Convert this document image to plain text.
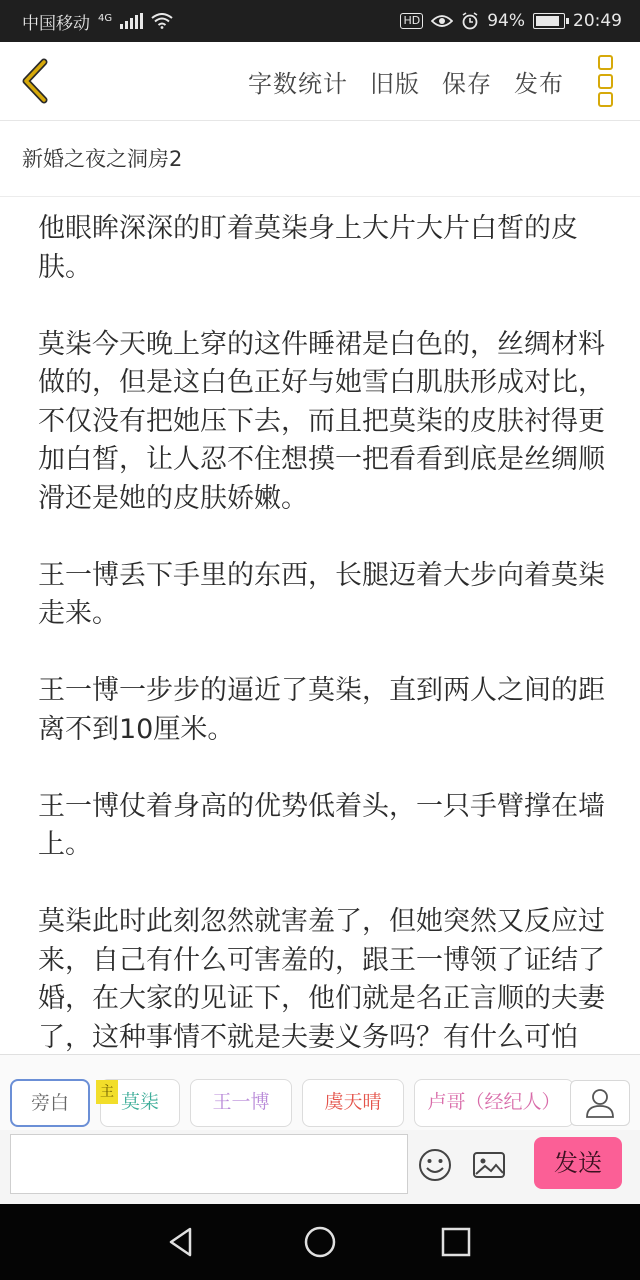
中国移动 4G	HD	94%	20:49
字数统计 旧版 保存 发布
新婚之夜之洞房2

他眼眸深深的盯着莫柒身上大片大片白皙的皮肤。

莫柒今天晚上穿的这件睡裙是白色的，丝绸材料做的，但是这白色正好与她雪白肌肤形成对比，不仅没有把她压下去，而且把莫柒的皮肤衬得更加白皙，让人忍不住想摸一把看看到底是丝绸顺滑还是她的皮肤娇嫩。

王一博丢下手里的东西，长腿迈着大步向着莫柒走来。

王一博一步步的逼近了莫柒，直到两人之间的距离不到10厘米。

王一博仗着身高的优势低着头，一只手臂撑在墙上。

莫柒此时此刻忽然就害羞了，但她突然又反应过来，自己有什么可害羞的，跟王一博领了证结了婚，在大家的见证下，他们就是名正言顺的夫妻了，这种事情不就是夫妻义务吗？有什么可怕

旁白	莫柒	王一博	虞天晴	卢哥（经纪人）
主
发送
